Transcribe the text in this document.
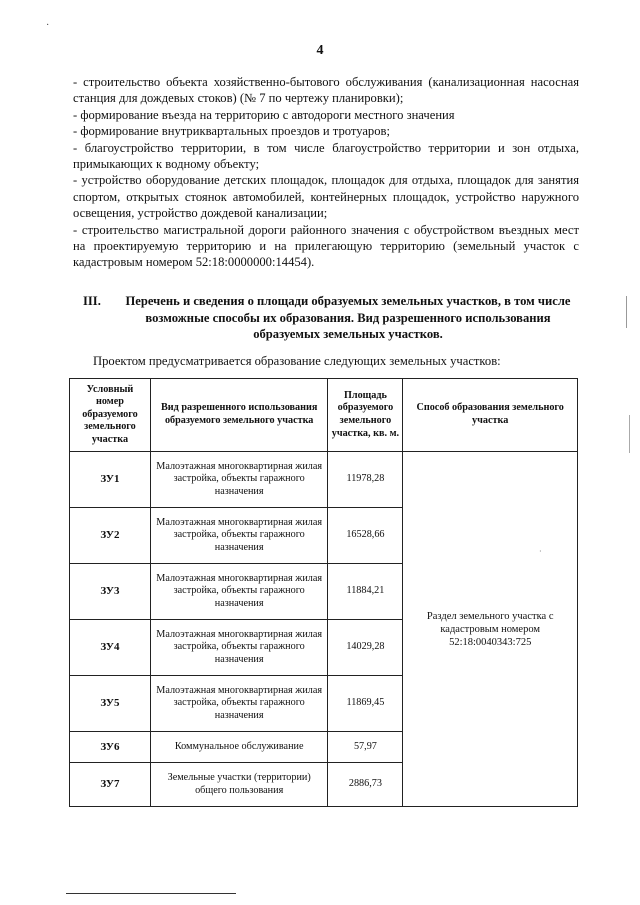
·
4
- строительство объекта хозяйственно-бытового обслуживания (канализационная насосная станция для дождевых стоков) (№ 7 по чертежу планировки);
- формирование въезда на территорию с автодороги местного значения
- формирование внутриквартальных проездов и тротуаров;
- благоустройство территории, в том числе благоустройство территории и зон отдыха, примыкающих к водному объекту;
- устройство оборудование детских площадок, площадок для отдыха, площадок для занятия спортом, открытых стоянок автомобилей, контейнерных площадок, устройство наружного освещения, устройство дождевой канализации;
- строительство магистральной дороги районного значения с обустройством въездных мест на проектируемую территорию и на прилегающую территорию (земельный участок с кадастровым номером 52:18:0000000:14454).
III.	Перечень и сведения о площади образуемых земельных участков, в том числе возможные способы их образования. Вид разрешенного использования образуемых земельных участков.
Проектом предусматривается образование следующих земельных участков:
Условный номер образуемого земельного участка	Вид разрешенного использования образуемого земельного участка	Площадь образуемого земельного участка, кв. м.	Способ образования земельного участка
ЗУ1	Малоэтажная многоквартирная жилая застройка, объекты гаражного назначения	11978,28	Раздел земельного участка с кадастровым номером 52:18:0040343:725
ЗУ2	Малоэтажная многоквартирная жилая застройка, объекты гаражного назначения	16528,66	
ЗУ3	Малоэтажная многоквартирная жилая застройка, объекты гаражного назначения	11884,21	
ЗУ4	Малоэтажная многоквартирная жилая застройка, объекты гаражного назначения	14029,28	
ЗУ5	Малоэтажная многоквартирная жилая застройка, объекты гаражного назначения	11869,45	
ЗУ6	Коммунальное обслуживание	57,97	
ЗУ7	Земельные участки (территории) общего пользования	2886,73	
·
